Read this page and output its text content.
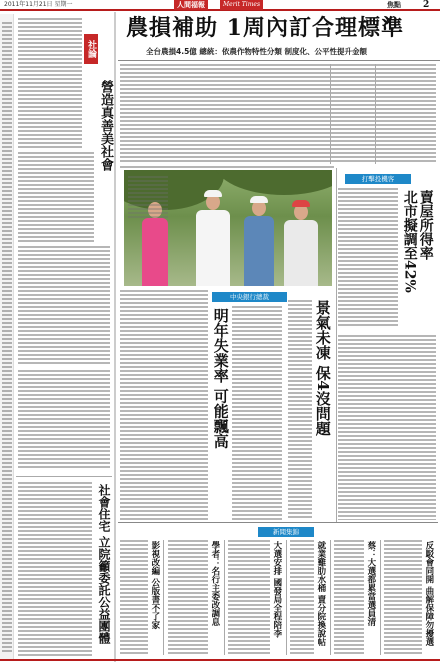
2011年11月21日 星期一	人間福報	Merit Times	焦點 2
社論
營造真善美社會
社會住宅 立院籲委託公益團體
農損補助 1周內訂合理標準
全台農損4.5億 總統：依農作物特性分類 制度化、公平性提升金額
打擊投機客
賣屋所得率
北市擬調至42%
中央銀行總裁
明年失業率 可能飄高	景氣未凍 保4沒問題
新聞集錦
影視改編 公版書不了家	學者：名行主委改調息	大選安排 國發局全程陪李	就業雞肋水桶 賣分院換說帖	蔡：大選都累當選員清	反駁會同開 曲解保障勿擾選
